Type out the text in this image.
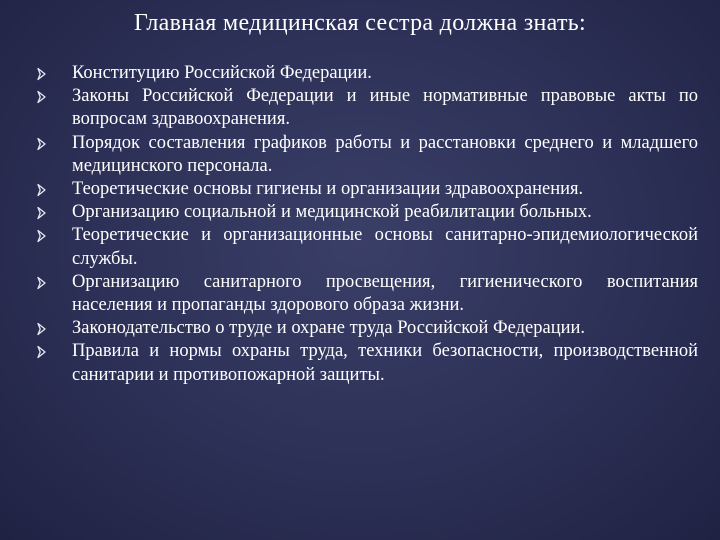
Главная медицинская сестра должна знать:
Конституцию Российской Федерации.
Законы Российской Федерации и иные нормативные правовые акты по вопросам здравоохранения.
Порядок составления графиков работы и расстановки среднего и младшего медицинского персонала.
Теоретические основы гигиены и организации здравоохранения.
Организацию социальной и медицинской реабилитации больных.
Теоретические и организационные основы санитарно-эпидемиологической службы.
Организацию санитарного просвещения, гигиенического воспитания населения и пропаганды здорового образа жизни.
Законодательство о труде и охране труда Российской Федерации.
Правила и нормы охраны труда, техники безопасности, производственной санитарии и противопожарной защиты.
